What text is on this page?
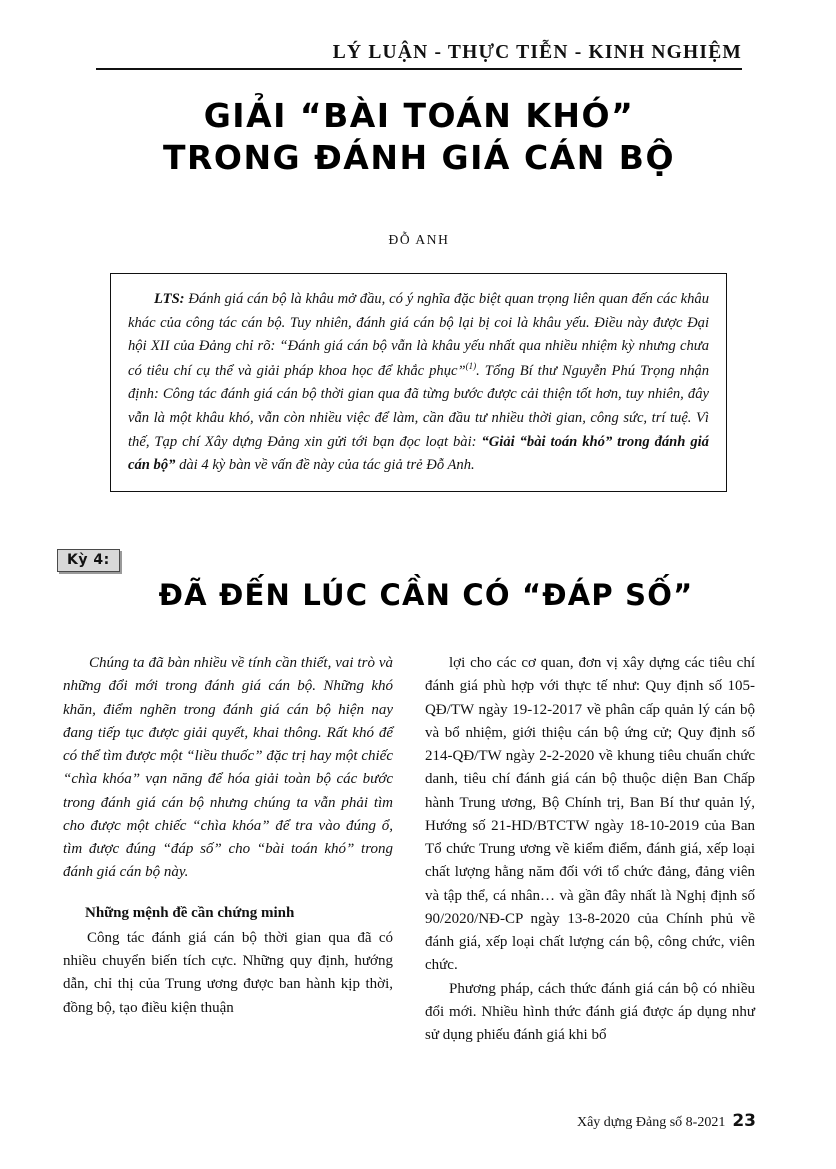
LÝ LUẬN - THỰC TIỄN - KINH NGHIỆM
GIẢI “BÀI TOÁN KHÓ”
TRONG ĐÁNH GIÁ CÁN BỘ
ĐỖ ANH
LTS: Đánh giá cán bộ là khâu mở đầu, có ý nghĩa đặc biệt quan trọng liên quan đến các khâu khác của công tác cán bộ. Tuy nhiên, đánh giá cán bộ lại bị coi là khâu yếu. Điều này được Đại hội XII của Đảng chỉ rõ: “Đánh giá cán bộ vẫn là khâu yếu nhất qua nhiều nhiệm kỳ nhưng chưa có tiêu chí cụ thể và giải pháp khoa học để khắc phục”$^{(1)}$. Tổng Bí thư Nguyễn Phú Trọng nhận định: Công tác đánh giá cán bộ thời gian qua đã từng bước được cải thiện tốt hơn, tuy nhiên, đây vẫn là một khâu khó, vẫn còn nhiều việc để làm, cần đầu tư nhiều thời gian, công sức, trí tuệ. Vì thế, Tạp chí Xây dựng Đảng xin gửi tới bạn đọc loạt bài: “Giải “bài toán khó” trong đánh giá cán bộ” dài 4 kỳ bàn về vấn đề này của tác giả trẻ Đỗ Anh.
Kỳ 4:
ĐÃ ĐẾN LÚC CẦN CÓ “ĐÁP SỐ”

Chúng ta đã bàn nhiều về tính cần thiết, vai trò và những đổi mới trong đánh giá cán bộ. Những khó khăn, điểm nghẽn trong đánh giá cán bộ hiện nay đang tiếp tục được giải quyết, khai thông. Rất khó để có thể tìm được một “liều thuốc” đặc trị hay một chiếc “chìa khóa” vạn năng để hóa giải toàn bộ các bước trong đánh giá cán bộ nhưng chúng ta vẫn phải tìm cho được một chiếc “chìa khóa” để tra vào đúng ổ, tìm được đúng “đáp số” cho “bài toán khó” trong đánh giá cán bộ này.

Những mệnh đề cần chứng minh

Công tác đánh giá cán bộ thời gian qua đã có nhiều chuyển biến tích cực. Những quy định, hướng dẫn, chỉ thị của Trung ương được ban hành kịp thời, đồng bộ, tạo điều kiện thuận

lợi cho các cơ quan, đơn vị xây dựng các tiêu chí đánh giá phù hợp với thực tế như: Quy định số 105-QĐ/TW ngày 19-12-2017 về phân cấp quản lý cán bộ và bổ nhiệm, giới thiệu cán bộ ứng cử; Quy định số 214-QĐ/TW ngày 2-2-2020 về khung tiêu chuẩn chức danh, tiêu chí đánh giá cán bộ thuộc diện Ban Chấp hành Trung ương, Bộ Chính trị, Ban Bí thư quản lý, Hướng số 21-HD/BTCTW ngày 18-10-2019 của Ban Tổ chức Trung ương về kiểm điểm, đánh giá, xếp loại chất lượng hằng năm đối với tổ chức đảng, đảng viên và tập thể, cá nhân… và gần đây nhất là Nghị định số 90/2020/NĐ-CP ngày 13-8-2020 của Chính phủ về đánh giá, xếp loại chất lượng cán bộ, công chức, viên chức.

Phương pháp, cách thức đánh giá cán bộ có nhiều đổi mới. Nhiều hình thức đánh giá được áp dụng như sử dụng phiếu đánh giá khi bổ

Xây dựng Đảng số 8-2021 23
